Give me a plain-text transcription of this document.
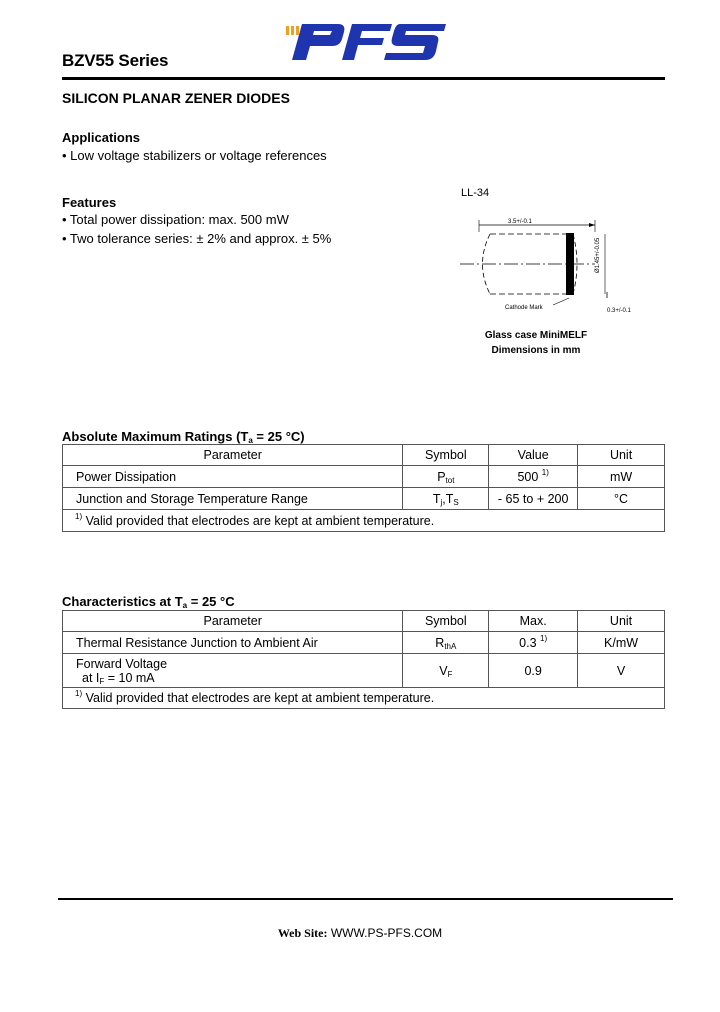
BZV55 Series
SILICON PLANAR ZENER DIODES
Applications
• Low voltage stabilizers or voltage references
Features
• Total power dissipation: max. 500 mW
• Two tolerance series: ± 2% and approx. ± 5%
LL-34
3.5+/-0.1
Ø1.45+/-0.05
0.3+/-0.1
Cathode Mark
Glass case MiniMELF
Dimensions in mm
Absolute Maximum Ratings ($T_a = 25$ °C)
Parameter	Symbol	Value	Unit
Power Dissipation	$P_{tot}$	500 $^{1)}$	mW
Junction and Storage Temperature Range	$T_j,T_S$	- 65 to + 200	°C
$^{1)}$ Valid provided that electrodes are kept at ambient temperature.			
Characteristics at $T_a = 25$ °C
Parameter	Symbol	Max.	Unit
Thermal Resistance Junction to Ambient Air	$R_{thA}$	0.3 $^{1)}$	K/mW

Forward Voltage
at $I_F = 10$ mA	$V_F$	0.9	V
$^{1)}$ Valid provided that electrodes are kept at ambient temperature.			
Web Site: WWW.PS-PFS.COM
